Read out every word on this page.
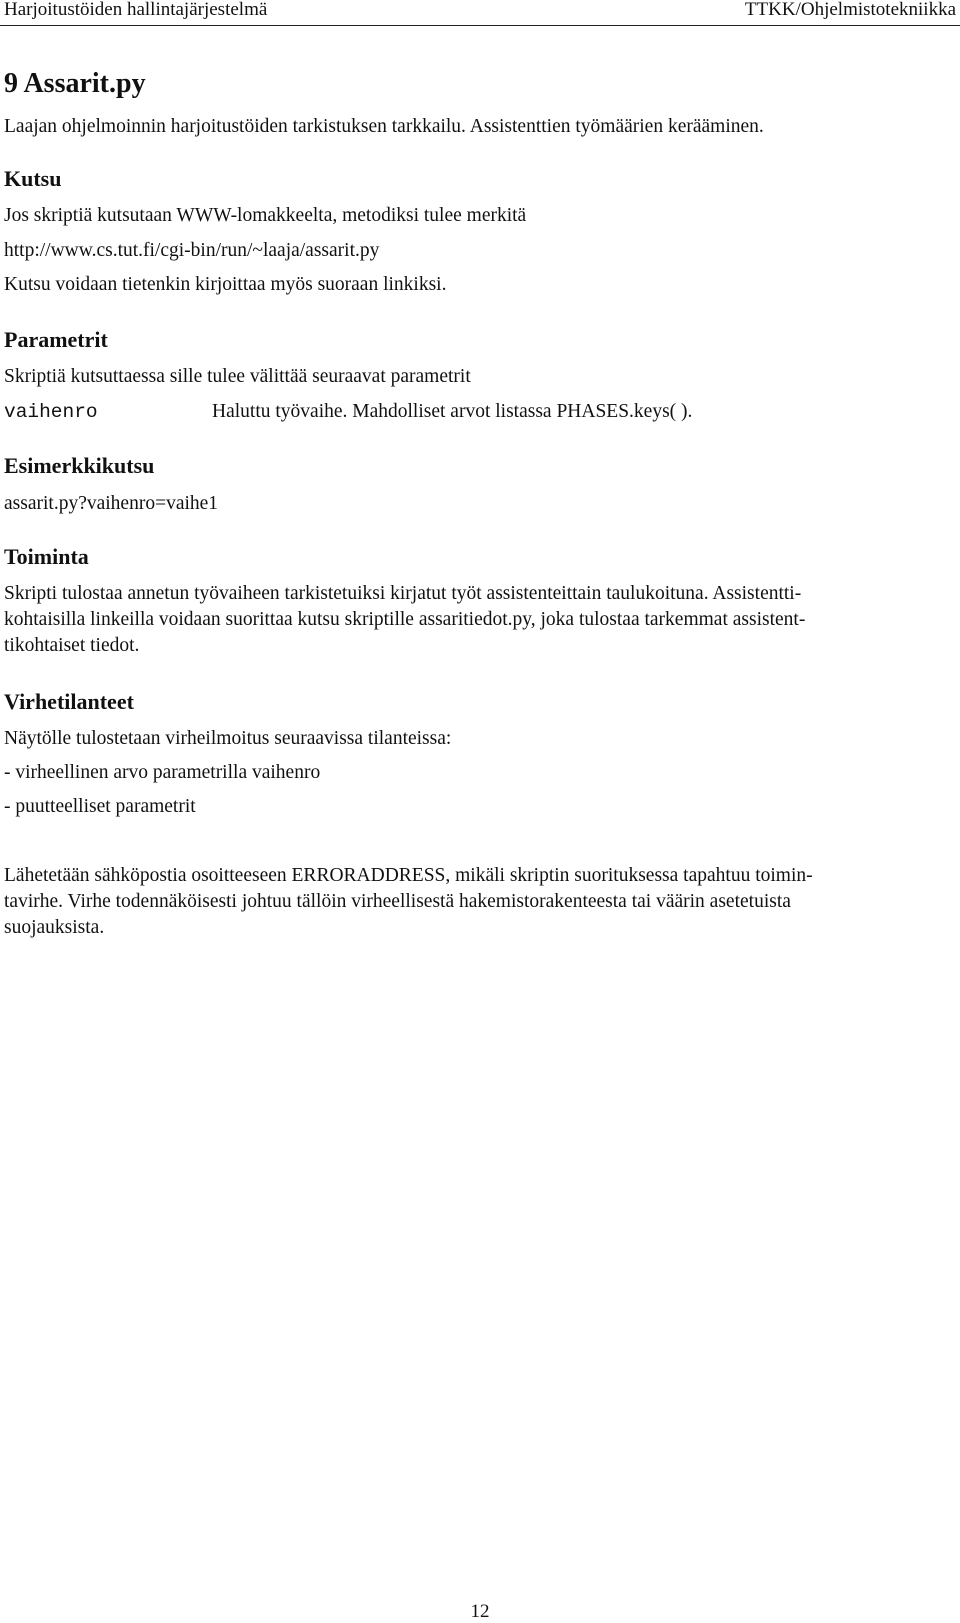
Harjoitustöiden hallintajärjestelmä	TTKK/Ohjelmistotekniikka
9 Assarit.py
Laajan ohjelmoinnin harjoitustöiden tarkistuksen tarkkailu. Assistenttien työmäärien kerääminen.
Kutsu
Jos skriptiä kutsutaan WWW-lomakkeelta, metodiksi tulee merkitä
http://www.cs.tut.fi/cgi-bin/run/~laaja/assarit.py
Kutsu voidaan tietenkin kirjoittaa myös suoraan linkiksi.
Parametrit
Skriptiä kutsuttaessa sille tulee välittää seuraavat parametrit
vaihenro	Haluttu työvaihe. Mahdolliset arvot listassa PHASES.keys( ).
Esimerkkikutsu
assarit.py?vaihenro=vaihe1
Toiminta
Skripti tulostaa annetun työvaiheen tarkistetuiksi kirjatut työt assistenteittain taulukoituna. Assistentti-
kohtaisilla linkeilla voidaan suorittaa kutsu skriptille assaritiedot.py, joka tulostaa tarkemmat assistent-
tikohtaiset tiedot.
Virhetilanteet
Näytölle tulostetaan virheilmoitus seuraavissa tilanteissa:
- virheellinen arvo parametrilla vaihenro
- puutteelliset parametrit
Lähetetään sähköpostia osoitteeseen ERRORADDRESS, mikäli skriptin suorituksessa tapahtuu toimin-
tavirhe. Virhe todennäköisesti johtuu tällöin virheellisestä hakemistorakenteesta tai väärin asetetuista
suojauksista.
12
